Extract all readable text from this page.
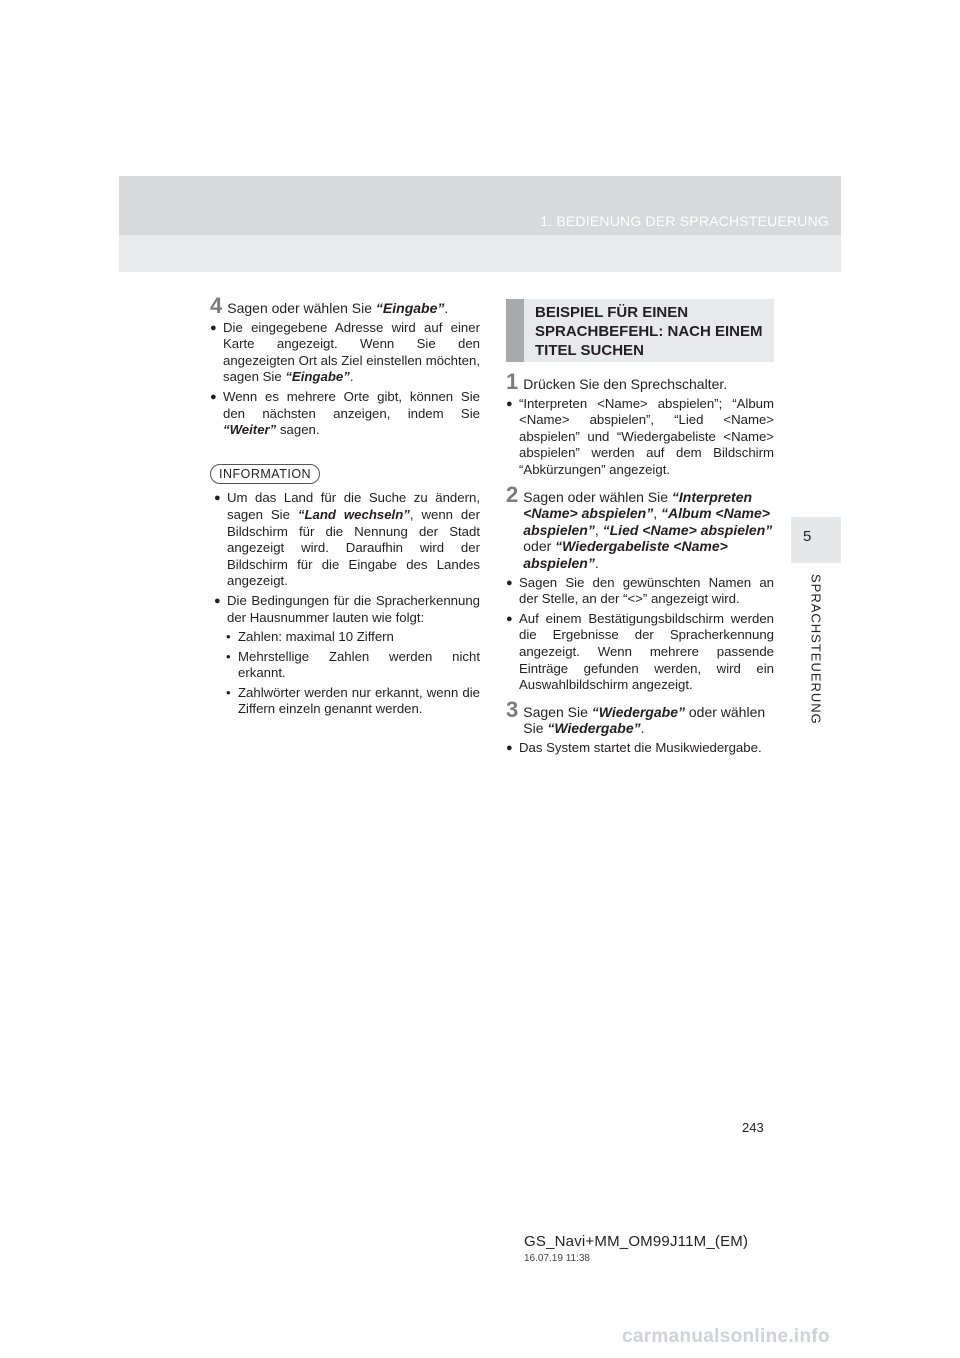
1. BEDIENUNG DER SPRACHSTEUERUNG
5
SPRACHSTEUERUNG
4 Sagen oder wählen Sie “Eingabe”.
● Die eingegebene Adresse wird auf einer Karte angezeigt. Wenn Sie den angezeigten Ort als Ziel einstellen möchten, sagen Sie “Eingabe”.
● Wenn es mehrere Orte gibt, können Sie den nächsten anzeigen, indem Sie “Weiter” sagen.
INFORMATION
● Um das Land für die Suche zu ändern, sagen Sie “Land wechseln”, wenn der Bildschirm für die Nennung der Stadt angezeigt wird. Daraufhin wird der Bildschirm für die Eingabe des Landes angezeigt.
● Die Bedingungen für die Spracherkennung der Hausnummer lauten wie folgt:
• Zahlen: maximal 10 Ziffern
• Mehrstellige Zahlen werden nicht erkannt.
• Zahlwörter werden nur erkannt, wenn die Ziffern einzeln genannt werden.
BEISPIEL FÜR EINEN SPRACHBEFEHL: NACH EINEM TITEL SUCHEN
1 Drücken Sie den Sprechschalter.
● “Interpreten <Name> abspielen”; “Album <Name> abspielen”, “Lied <Name> abspielen” und “Wiedergabeliste <Name> abspielen” werden auf dem Bildschirm “Abkürzungen” angezeigt.
2 Sagen oder wählen Sie “Interpreten <Name> abspielen”, “Album <Name> abspielen”, “Lied <Name> abspielen” oder “Wiedergabeliste <Name> abspielen”.
● Sagen Sie den gewünschten Namen an der Stelle, an der “<>” angezeigt wird.
● Auf einem Bestätigungsbildschirm werden die Ergebnisse der Spracherkennung angezeigt. Wenn mehrere passende Einträge gefunden werden, wird ein Auswahlbildschirm angezeigt.
3 Sagen Sie “Wiedergabe” oder wählen Sie “Wiedergabe”.
● Das System startet die Musikwiedergabe.
243
GS_Navi+MM_OM99J11M_(EM)
16.07.19 11:38
carmanualsonline.info
